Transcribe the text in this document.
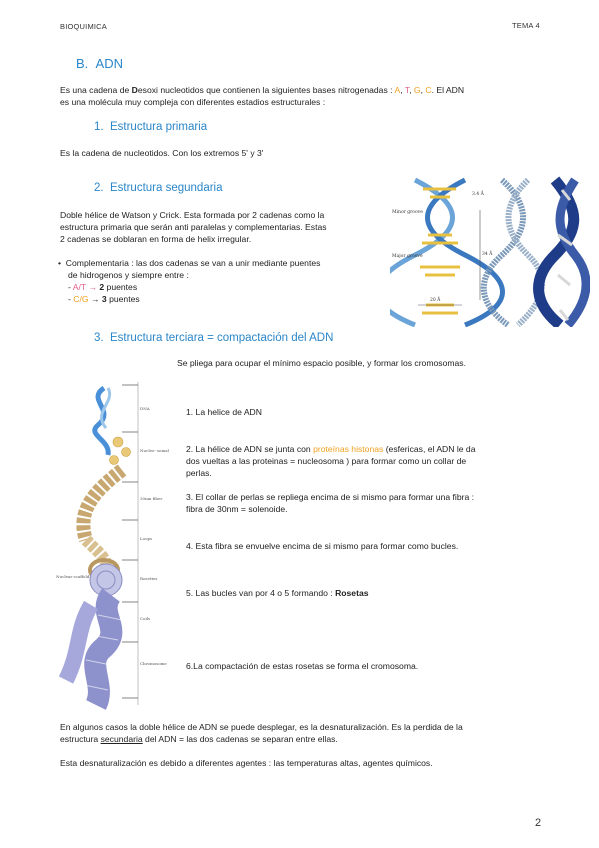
BIOQUIMICA	TEMA 4
B. ADN
Es una cadena de Desoxi nucleotidos que contienen la siguientes bases nitrogenadas : A, T, G, C. El ADN
es una molécula muy compleja con diferentes estadios estructurales :
1. Estructura primaria
Es la cadena de nucleotidos. Con los extremos 5' y 3'
2. Estructura segundaria
Doble hélice de Watson y Crick. Esta formada por 2 cadenas como la
estructura primaria que serán anti paralelas y complementarias. Estas
2 cadenas se doblaran en forma de helix irregular.
• Complementaria : las dos cadenas se van a unir mediante puentes
de hidrogenos y siempre entre :
- A/T → 2 puentes
- C/G → 3 puentes
3.4 Å
34 Å
20 Å
Minor groove
Major groove
3. Estructura terciara = compactación del ADN
Se pliega para ocupar el mínimo espacio posible, y formar los cromosomas.
DNA
Nucleo- somal
30nm fiber
Loops
Rosettes
Coils
Chromosome
Nuclear scaffold
1. La helice de ADN
2. La hélice de ADN se junta con proteínas histonas (esfericas, el ADN le da
dos vueltas a las proteinas = nucleosoma ) para formar como un collar de
perlas.
3. El collar de perlas se repliega encima de si mismo para formar una fibra :
fibra de 30nm = solenoide.
4. Esta fibra se envuelve encima de si mismo para formar como bucles.
5. Las bucles van por 4 o 5 formando : Rosetas
6.La compactación de estas rosetas se forma el cromosoma.
En algunos casos la doble hélice de ADN se puede desplegar, es la desnaturalización. Es la perdida de la
estructura secundaria del ADN = las dos cadenas se separan entre ellas.
Esta desnaturalización es debido a diferentes agentes : las temperaturas altas, agentes químicos.
2
